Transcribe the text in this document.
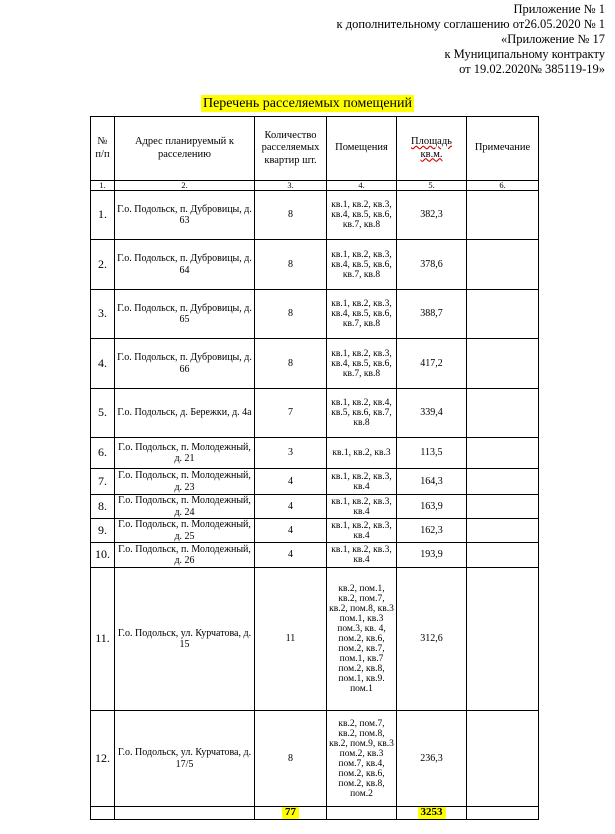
Приложение № 1
к дополнительному соглашению от26.05.2020 № 1
«Приложение № 17
к Муниципальному контракту
от 19.02.2020№ 385119-19»
Перечень расселяемых помещений
№ п/п	Адрес планируемый к расселению	Количество расселяемых квартир шт.	Помещения	Площадь кв.м.	Примечание
1.	2.	3.	4.	5.	6.
1.	Г.о. Подольск, п. Дубровицы, д. 63	8	кв.1, кв.2, кв.3, кв.4, кв.5, кв.6, кв.7, кв.8	382,3	
2.	Г.о. Подольск, п. Дубровицы, д. 64	8	кв.1, кв.2, кв.3, кв.4, кв.5, кв.6, кв.7, кв.8	378,6	
3.	Г.о. Подольск, п. Дубровицы, д. 65	8	кв.1, кв.2, кв.3, кв.4, кв.5, кв.6, кв.7, кв.8	388,7	
4.	Г.о. Подольск, п. Дубровицы, д. 66	8	кв.1, кв.2, кв.3, кв.4, кв.5, кв.6, кв.7, кв.8	417,2	
5.	Г.о. Подольск, д. Бережки, д. 4а	7	кв.1, кв.2, кв.4, кв.5, кв.6, кв.7, кв.8	339,4	
6.	Г.о. Подольск, п. Молодежный, д. 21	3	кв.1, кв.2, кв.3	113,5	
7.	Г.о. Подольск, п. Молодежный, д. 23	4	кв.1, кв.2, кв.3, кв.4	164,3	
8.	Г.о. Подольск, п. Молодежный, д. 24	4	кв.1, кв.2, кв.3, кв.4	163,9	
9.	Г.о. Подольск, п. Молодежный, д. 25	4	кв.1, кв.2, кв.3, кв.4	162,3	
10.	Г.о. Подольск, п. Молодежный, д. 26	4	кв.1, кв.2, кв.3, кв.4	193,9	
11.	Г.о. Подольск, ул. Курчатова, д. 15	11	кв.2, пом.1, кв.2, пом.7, кв.2, пом.8, кв.3 пом.1, кв.3 пом.3, кв. 4, пом.2, кв.6, пом.2, кв.7, пом.1, кв.7 пом.2, кв.8, пом.1, кв.9. пом.1	312,6	
12.	Г.о. Подольск, ул. Курчатова, д. 17/5	8	кв.2, пом.7, кв.2, пом.8, кв.2, пом.9, кв.3 пом.2, кв.3 пом.7, кв.4, пом.2, кв.6, пом.2, кв.8, пом.2	236,3	
		77		3253	
